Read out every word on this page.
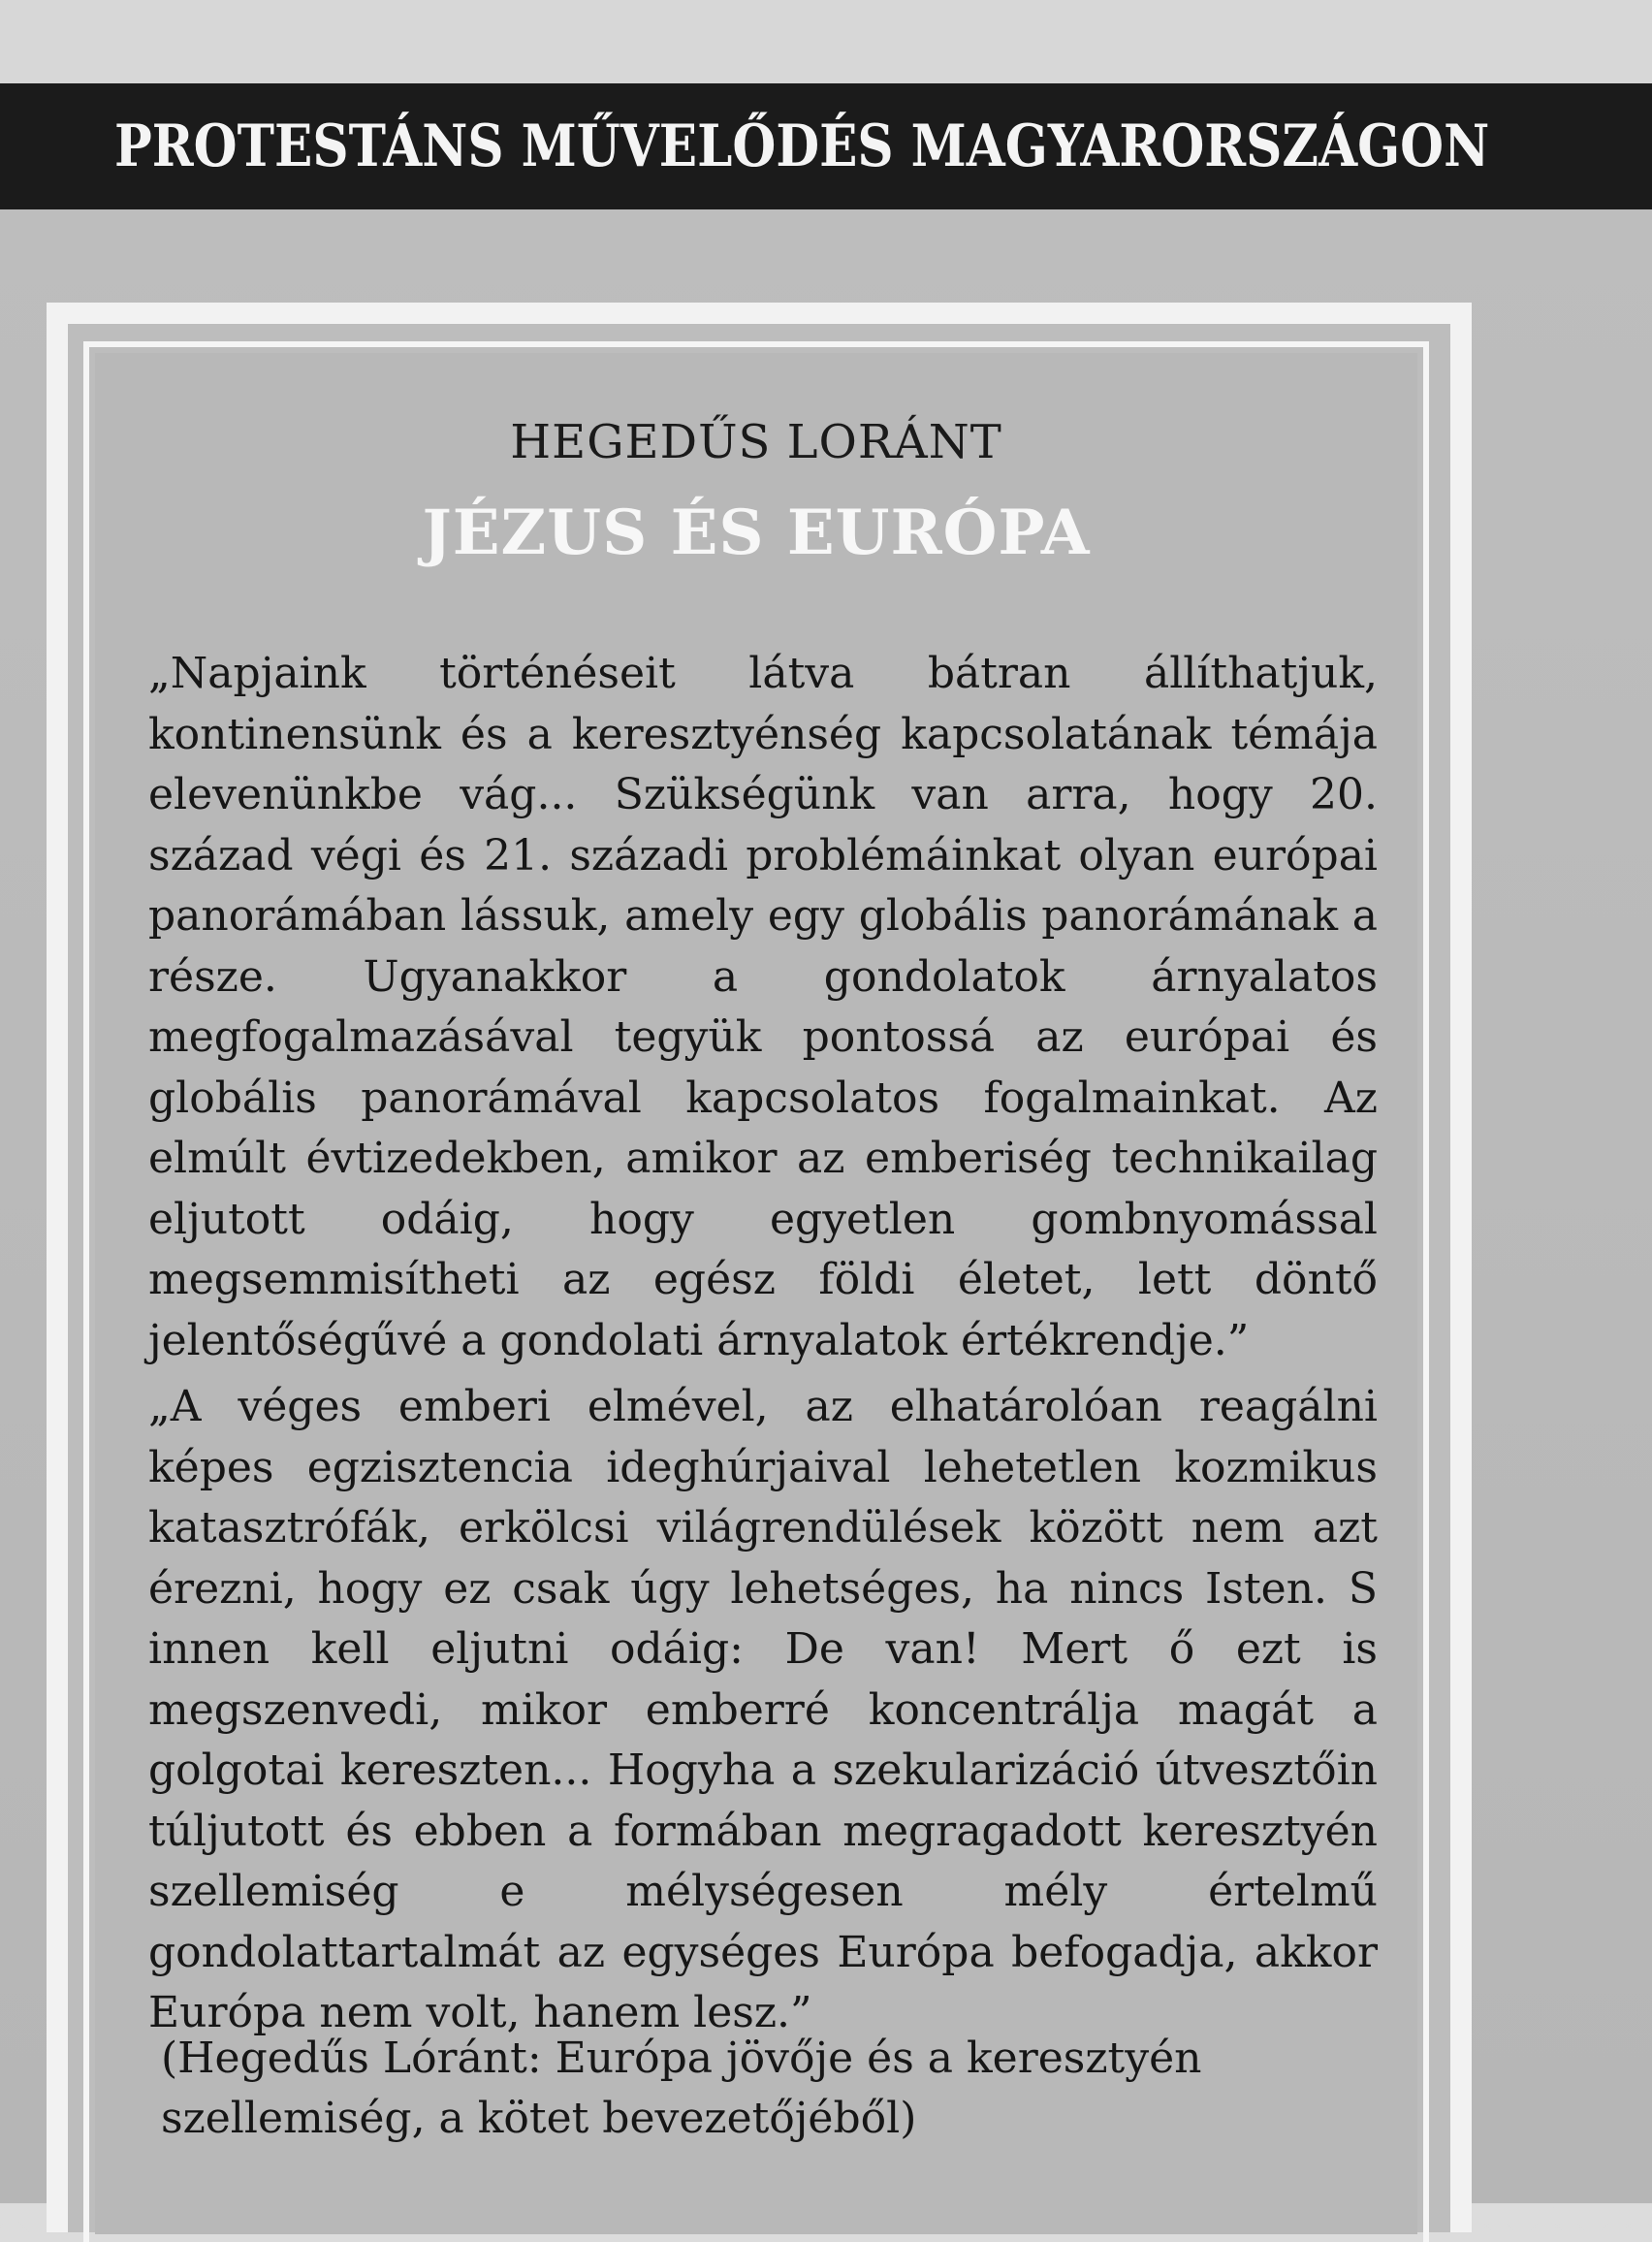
PROTESTÁNS MŰVELŐDÉS MAGYARORSZÁGON
HEGEDŰS LORÁNT
JÉZUS ÉS EURÓPA

„Napjaink történéseit látva bátran állíthatjuk, kontinensünk és a keresztyénség kapcsolatának témája elevenünkbe vág... Szükségünk van arra, hogy 20. század végi és 21. századi problémáinkat olyan európai panorámában lássuk, amely egy globális panorámának a része. Ugyanakkor a gondolatok árnyalatos megfogalmazásával tegyük pontossá az európai és globális panorámával kapcsolatos fogalmainkat. Az elmúlt évtizedekben, amikor az emberiség technikailag eljutott odáig, hogy egyetlen gombnyomással megsemmisítheti az egész földi életet, lett döntő jelentőségűvé a gondolati árnyalatok értékrendje.”

„A véges emberi elmével, az elhatárolóan reagálni képes egzisztencia ideghúrjaival lehetetlen kozmikus katasztrófák, erkölcsi világrendülések között nem azt érezni, hogy ez csak úgy lehetséges, ha nincs Isten. S innen kell eljutni odáig: De van! Mert ő ezt is megszenvedi, mikor emberré koncentrálja magát a golgotai kereszten... Hogyha a szekularizáció útvesztőin túljutott és ebben a formában megragadott keresztyén szellemiség e mélységesen mély értelmű gondolattartalmát az egységes Európa befogadja, akkor Európa nem volt, hanem lesz.”

(Hegedűs Lóránt: Európa jövője és a keresztyén szellemiség, a kötet bevezetőjéből)
